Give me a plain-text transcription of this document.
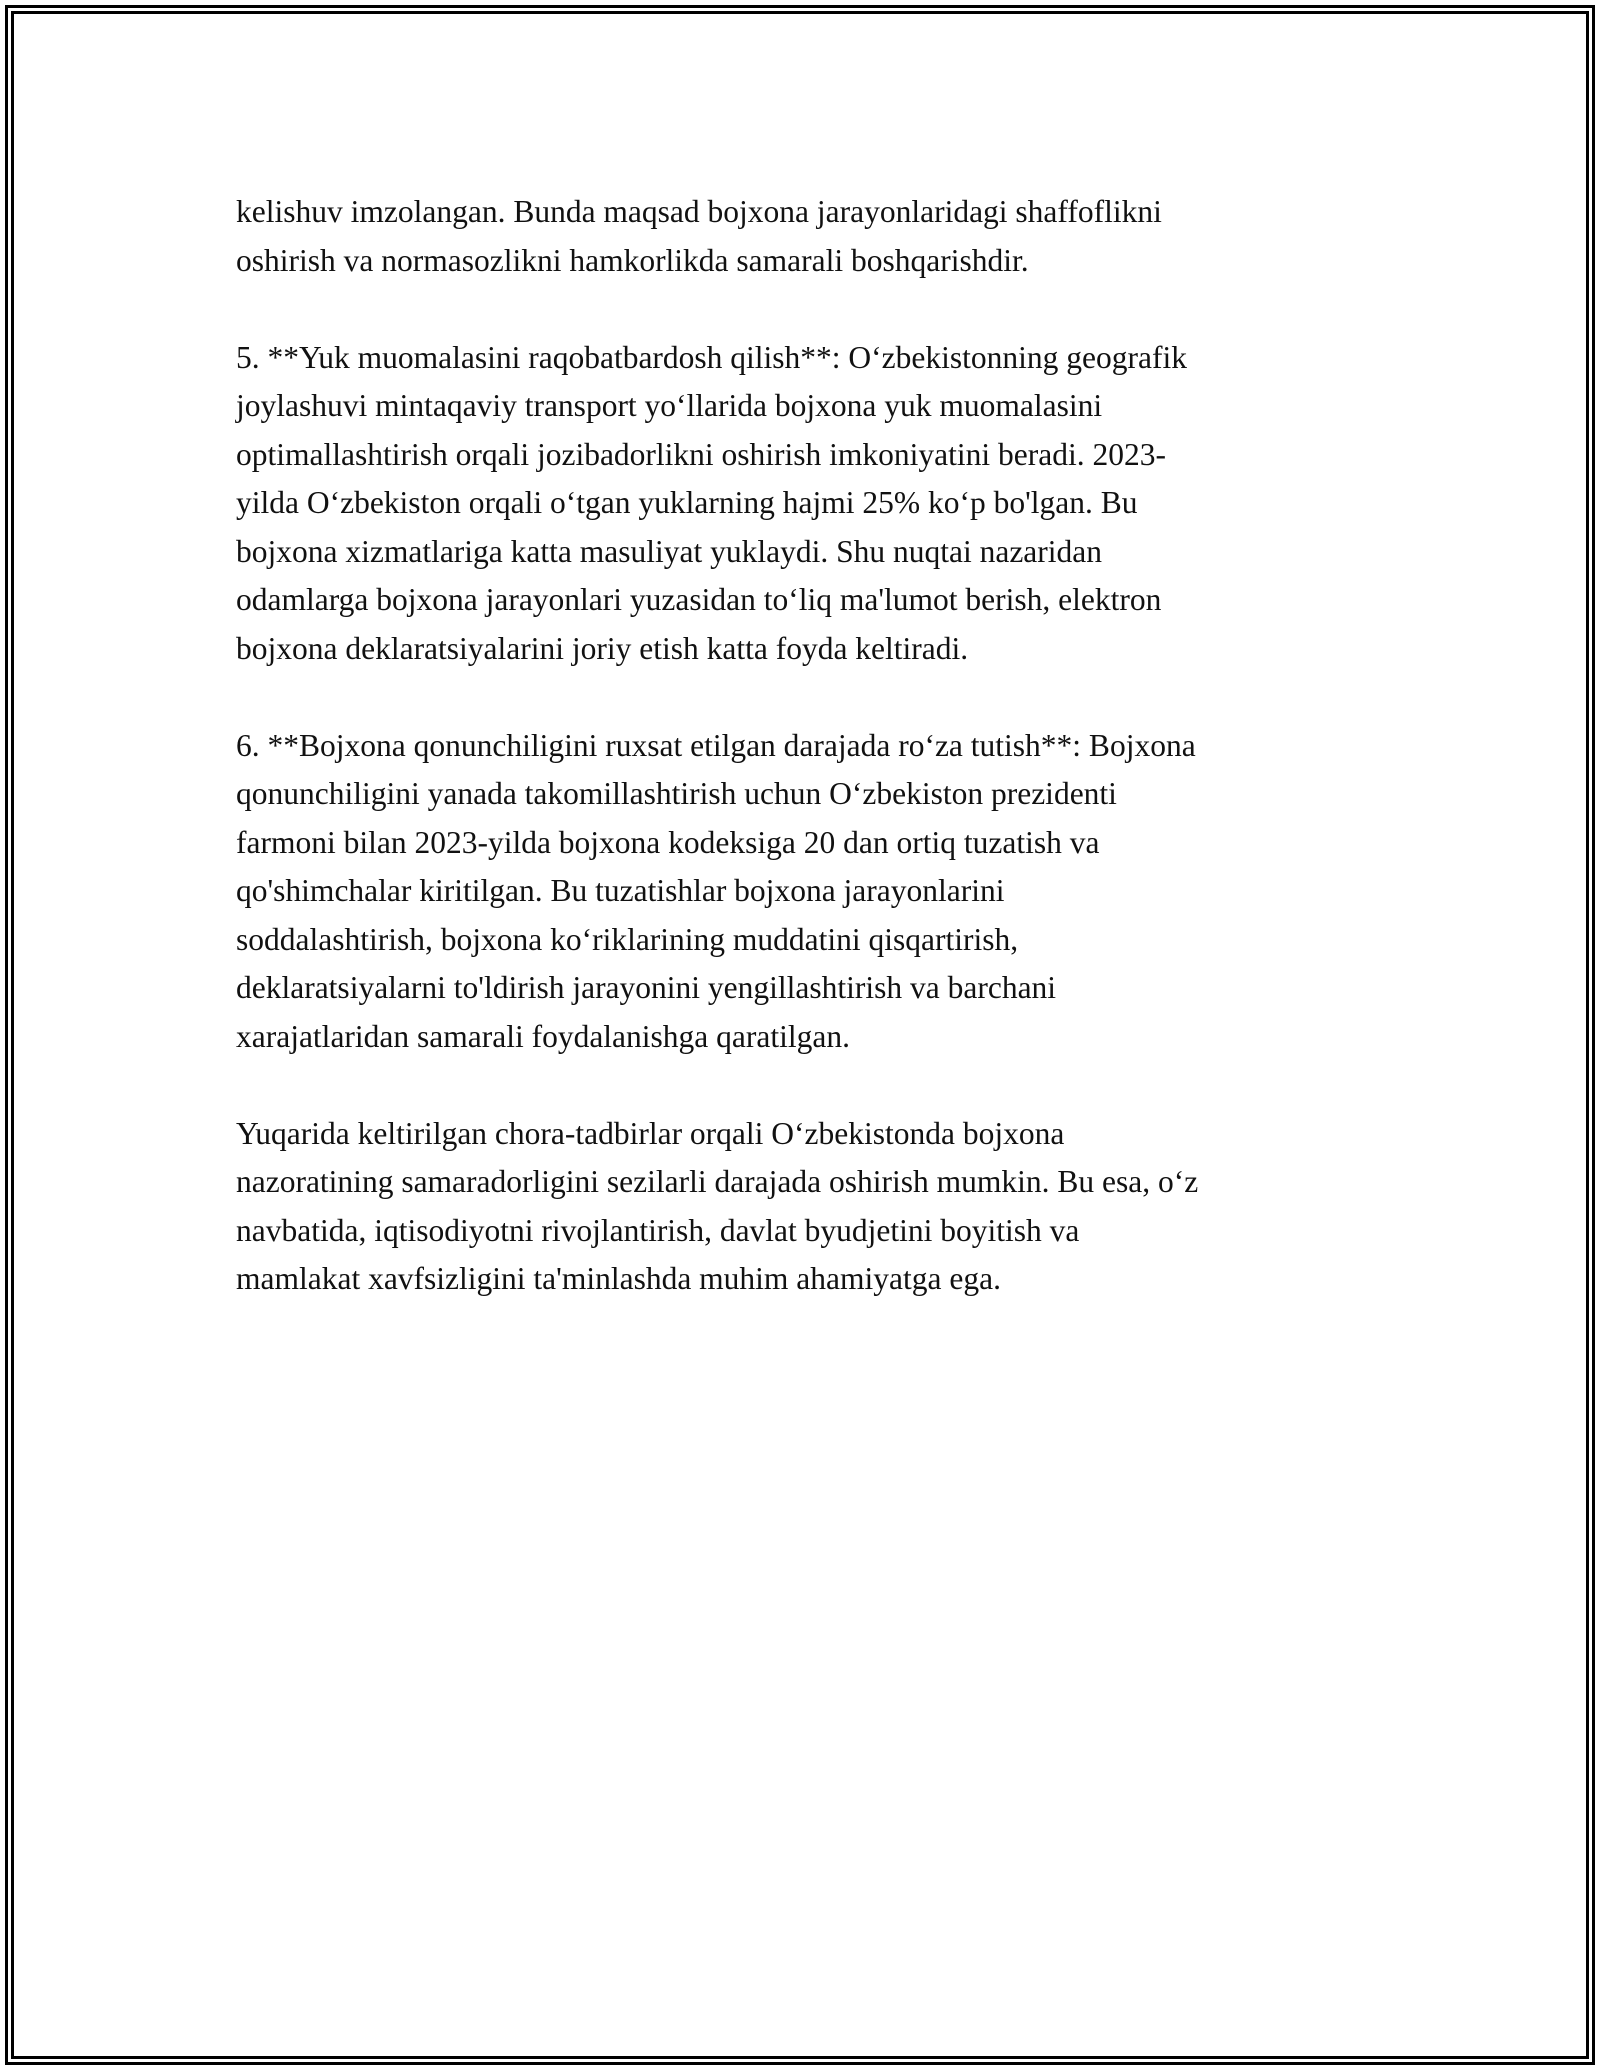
kelishuv imzolangan. Bunda maqsad bojxona jarayonlaridagi shaffoflikni
oshirish va normasozlikni hamkorlikda samarali boshqarishdir.

5. **Yuk muomalasini raqobatbardosh qilish**: O‘zbekistonning geografik
joylashuvi mintaqaviy transport yo‘llarida bojxona yuk muomalasini
optimallashtirish orqali jozibadorlikni oshirish imkoniyatini beradi. 2023-
yilda O‘zbekiston orqali o‘tgan yuklarning hajmi 25% ko‘p bo'lgan. Bu
bojxona xizmatlariga katta masuliyat yuklaydi. Shu nuqtai nazaridan
odamlarga bojxona jarayonlari yuzasidan to‘liq ma'lumot berish, elektron
bojxona deklaratsiyalarini joriy etish katta foyda keltiradi.

6. **Bojxona qonunchiligini ruxsat etilgan darajada ro‘za tutish**: Bojxona
qonunchiligini yanada takomillashtirish uchun O‘zbekiston prezidenti
farmoni bilan 2023-yilda bojxona kodeksiga 20 dan ortiq tuzatish va
qo'shimchalar kiritilgan. Bu tuzatishlar bojxona jarayonlarini
soddalashtirish, bojxona ko‘riklarining muddatini qisqartirish,
deklaratsiyalarni to'ldirish jarayonini yengillashtirish va barchani
xarajatlaridan samarali foydalanishga qaratilgan.

Yuqarida keltirilgan chora-tadbirlar orqali O‘zbekistonda bojxona
nazoratining samaradorligini sezilarli darajada oshirish mumkin. Bu esa, o‘z
navbatida, iqtisodiyotni rivojlantirish, davlat byudjetini boyitish va
mamlakat xavfsizligini ta'minlashda muhim ahamiyatga ega.
